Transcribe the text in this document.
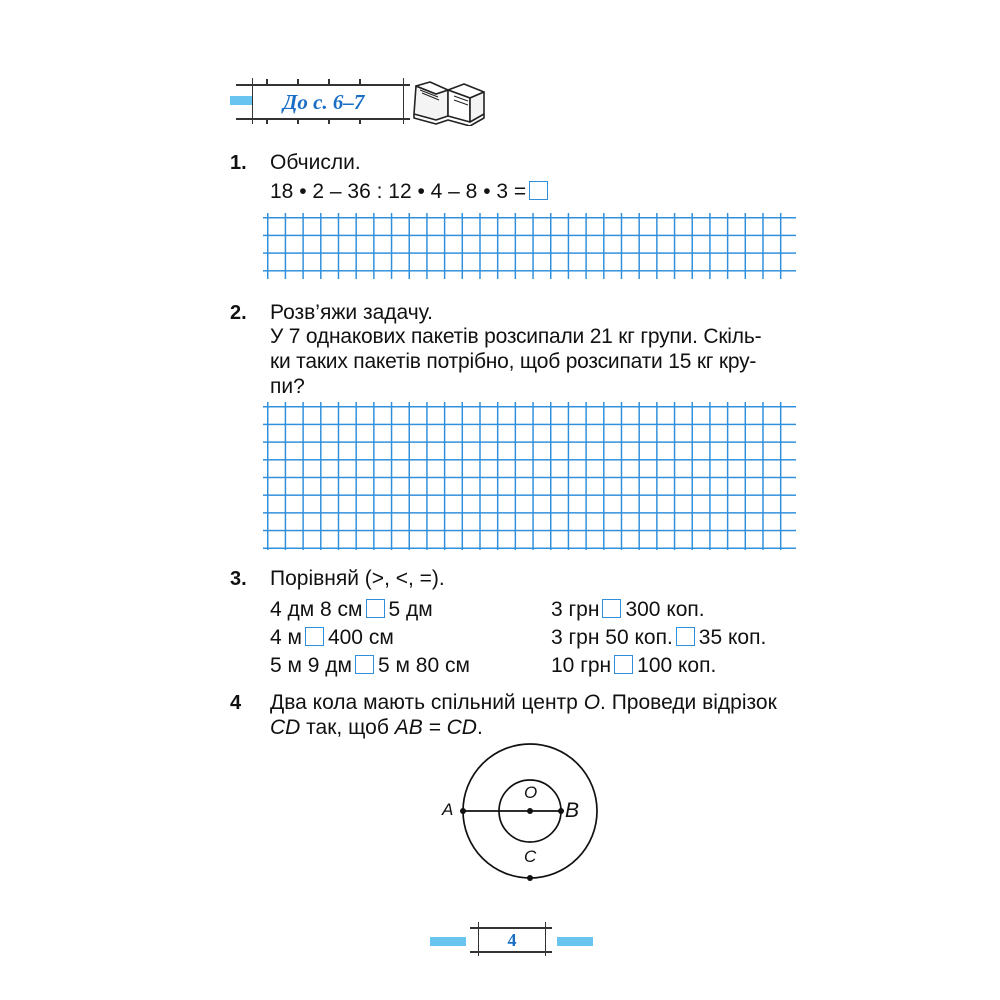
До с. 6–7
1. Обчисли.
18 • 2 – 36 : 12 • 4 – 8 • 3 =
2. Розв’яжи задачу.
У 7 однакових пакетів розсипали 21 кг групи. Скіль-
ки таких пакетів потрібно, щоб розсипати 15 кг кру-
пи?
3. Порівняй (>, <, =).
4 дм 8 см 5 дм
4 м 400 см
5 м 9 дм 5 м 80 см
3 грн 300 коп.
3 грн 50 коп. 35 коп.
10 грн 100 коп.
4 Два кола мають спільний центр O. Проведи відрізок
CD так, щоб AB = CD.
A
O
B
C
4
